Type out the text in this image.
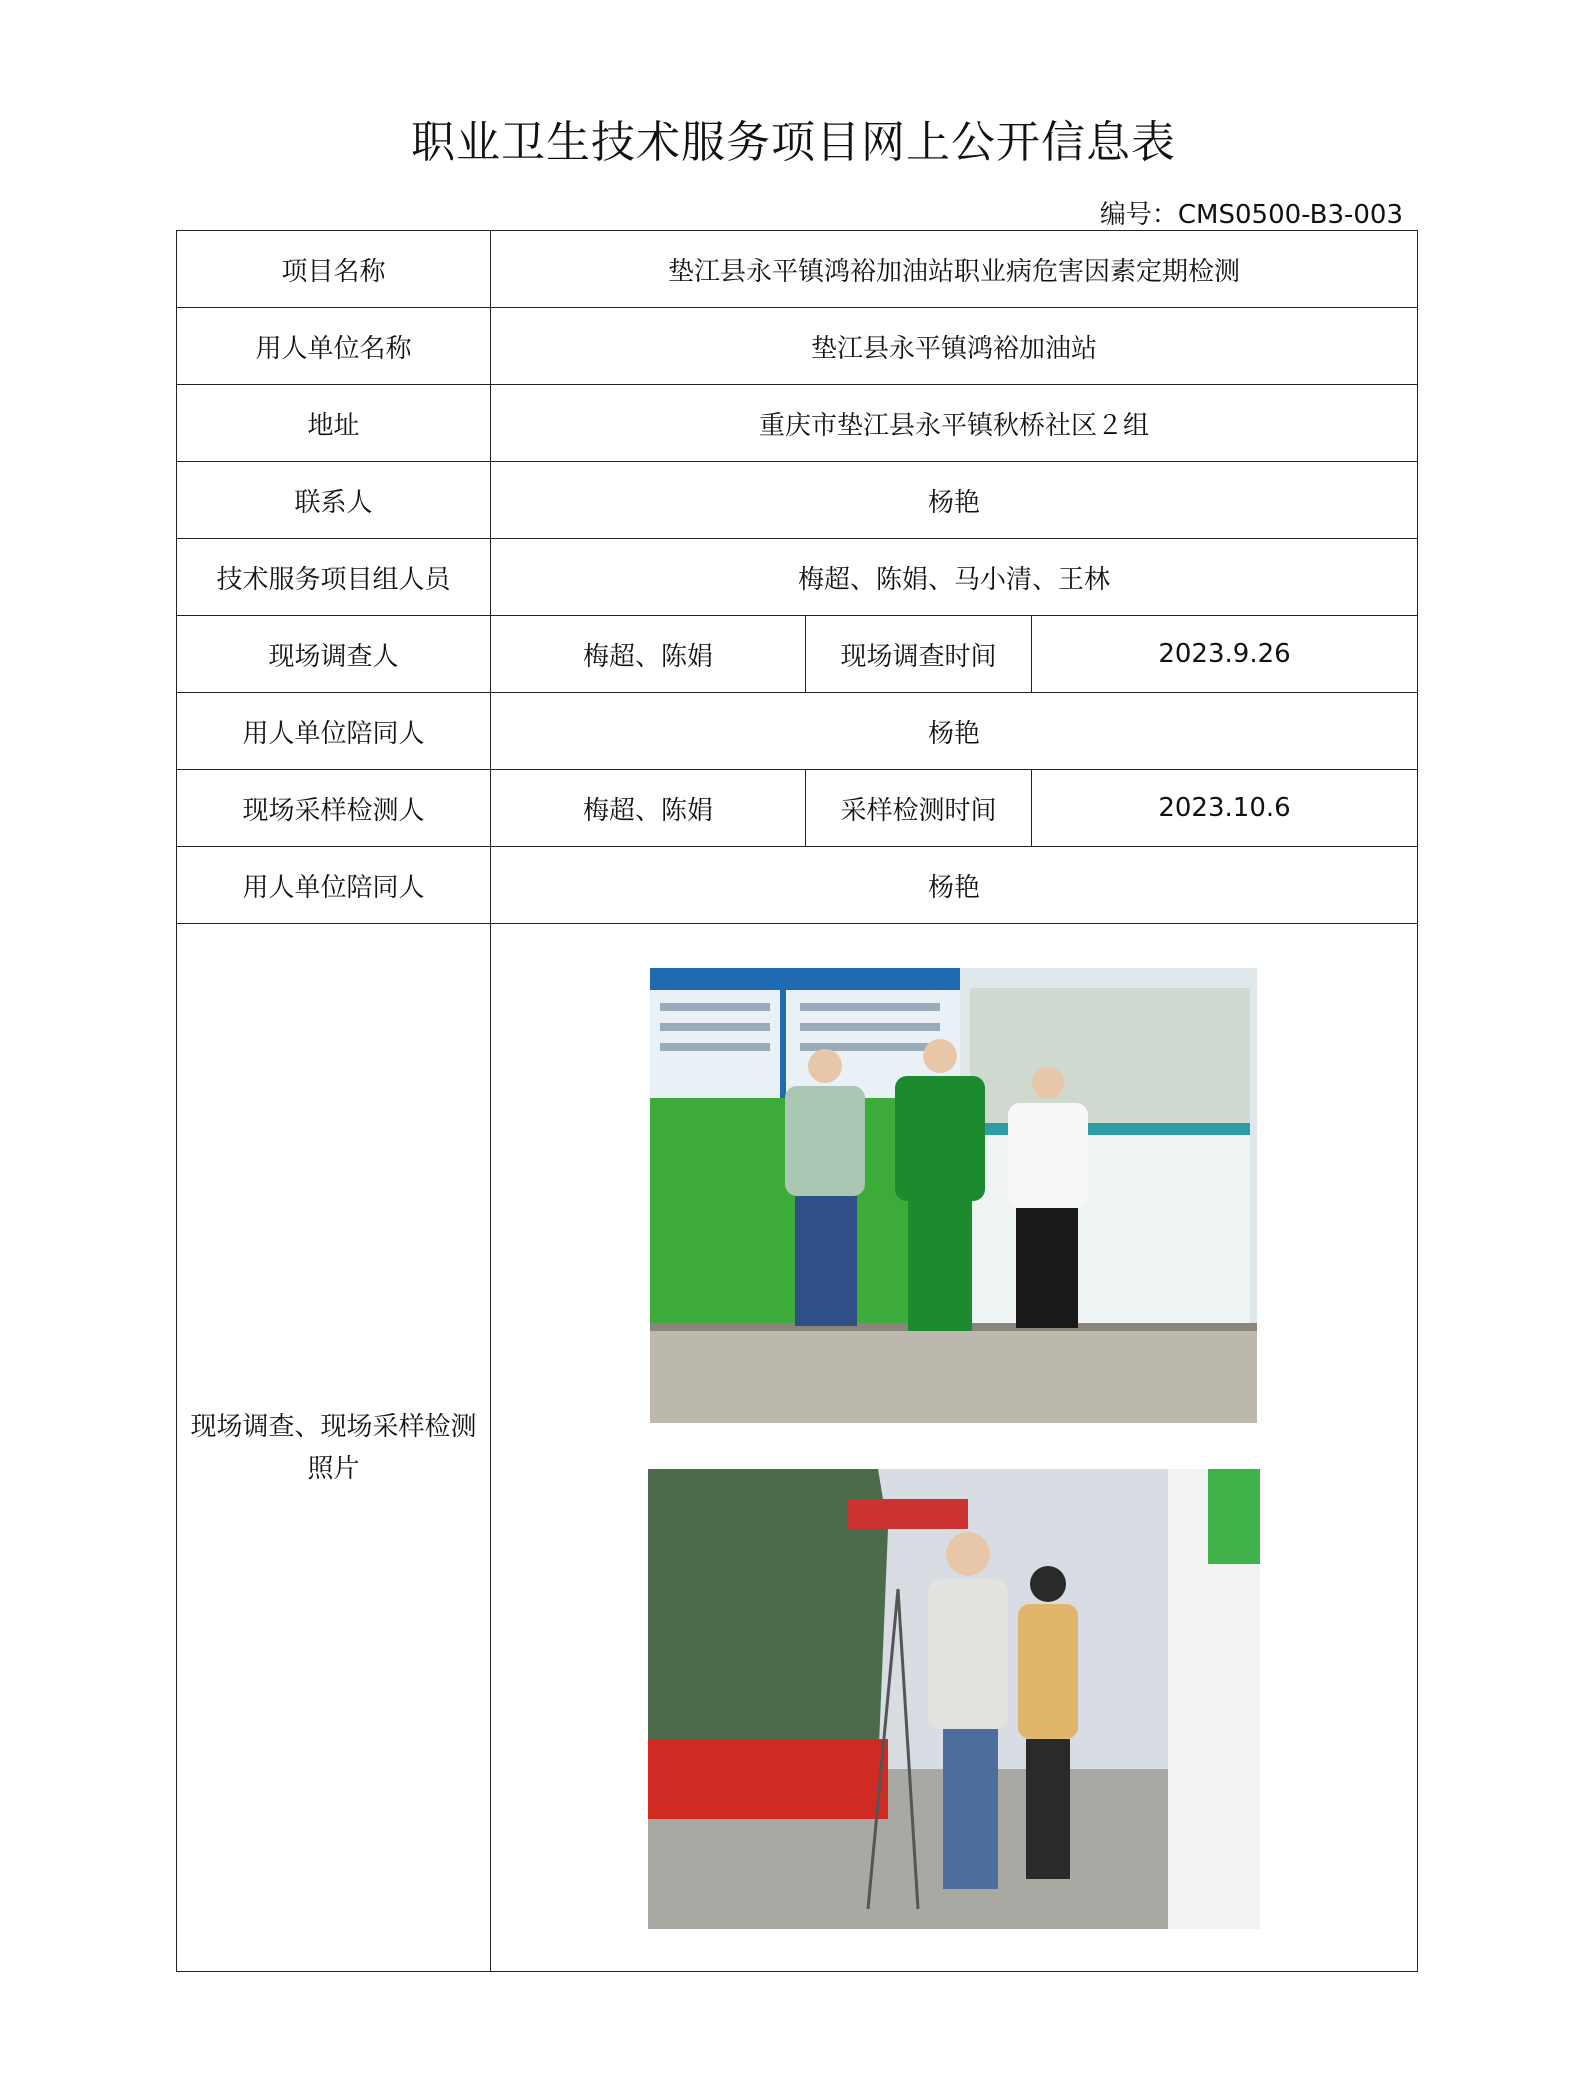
职业卫生技术服务项目网上公开信息表
编号：CMS0500-B3-003
项目名称	垫江县永平镇鸿裕加油站职业病危害因素定期检测		
用人单位名称	垫江县永平镇鸿裕加油站		
地址	重庆市垫江县永平镇秋桥社区２组		
联系人	杨艳		
技术服务项目组人员	梅超、陈娟、马小清、王林		
现场调查人	梅超、陈娟	现场调查时间	2023.9.26
用人单位陪同人	杨艳		
现场采样检测人	梅超、陈娟	采样检测时间	2023.10.6
用人单位陪同人	杨艳		
现场调查、现场采样检测照片	
